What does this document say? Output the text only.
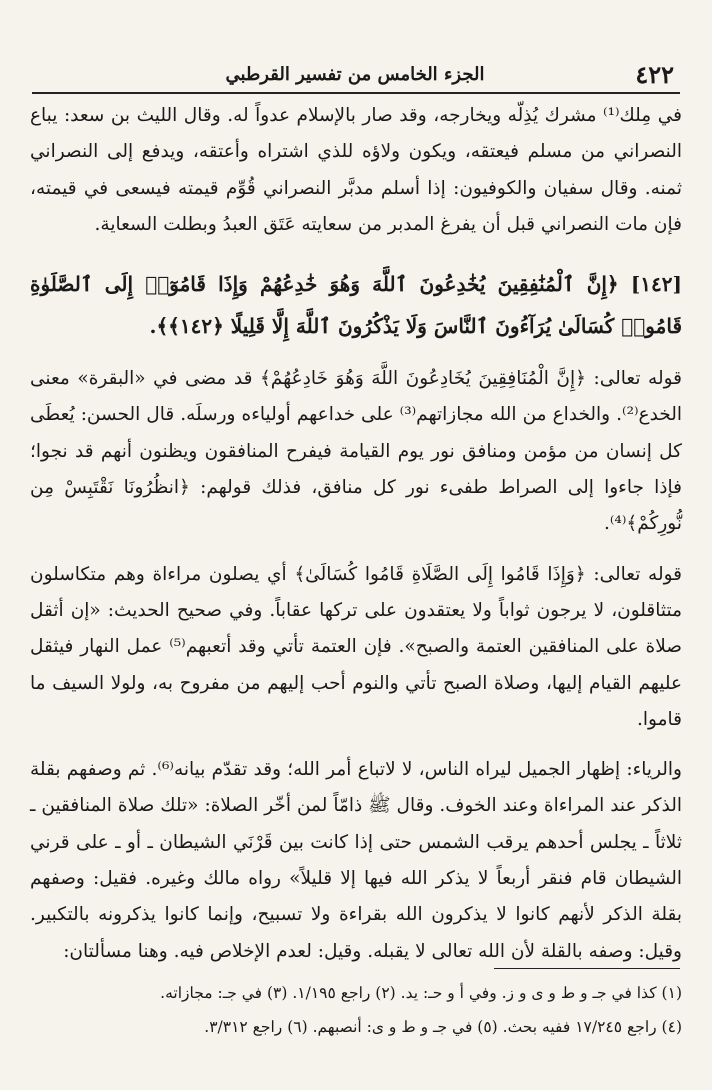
٤٢٢
الجزء الخامس من تفسير القرطبي

في مِلك⁽¹⁾ مشرك يُذِلّه ويخارجه، وقد صار بالإسلام عدواً له. وقال الليث بن سعد: يباع النصراني من مسلم فيعتقه، ويكون ولاؤه للذي اشتراه وأعتقه، ويدفع إلى النصراني ثمنه. وقال سفيان والكوفيون: إذا أسلم مدبَّر النصراني قُوِّم قيمته فيسعى في قيمته، فإن مات النصراني قبل أن يفرغ المدبر من سعايته عَتَق العبدُ وبطلت السعاية.

[١٤٢] ﴿إِنَّ ٱلْمُنَٰفِقِينَ يُخَٰدِعُونَ ٱللَّهَ وَهُوَ خَٰدِعُهُمْ وَإِذَا قَامُوٓا۟ إِلَى ٱلصَّلَوٰةِ قَامُوا۟ كُسَالَىٰ يُرَآءُونَ ٱلنَّاسَ وَلَا يَذْكُرُونَ ٱللَّهَ إِلَّا قَلِيلًا ﴿١٤٢﴾﴾.

قوله تعالى: ﴿إِنَّ الْمُنَافِقِينَ يُخَادِعُونَ اللَّهَ وَهُوَ خَادِعُهُمْ﴾ قد مضى في «البقرة» معنى الخدع⁽²⁾. والخداع من الله مجازاتهم⁽³⁾ على خداعهم أولياءه ورسلَه. قال الحسن: يُعطَى كل إنسان من مؤمن ومنافق نور يوم القيامة فيفرح المنافقون ويظنون أنهم قد نجوا؛ فإذا جاءوا إلى الصراط طفىء نور كل منافق، فذلك قولهم: ﴿انظُرُونَا نَقْتَبِسْ مِن نُّورِكُمْ﴾⁽⁴⁾.

قوله تعالى: ﴿وَإِذَا قَامُوا إِلَى الصَّلَاةِ قَامُوا كُسَالَىٰ﴾ أي يصلون مراءاة وهم متكاسلون متثاقلون، لا يرجون ثواباً ولا يعتقدون على تركها عقاباً. وفي صحيح الحديث: «إن أثقل صلاة على المنافقين العتمة والصبح». فإن العتمة تأتي وقد أتعبهم⁽⁵⁾ عمل النهار فيثقل عليهم القيام إليها، وصلاة الصبح تأتي والنوم أحب إليهم من مفروح به، ولولا السيف ما قاموا.

والرياء: إظهار الجميل ليراه الناس، لا لاتباع أمر الله؛ وقد تقدّم بيانه⁽⁶⁾. ثم وصفهم بقلة الذكر عند المراءاة وعند الخوف. وقال ﷺ ذامّاً لمن أخّر الصلاة: «تلك صلاة المنافقين ـ ثلاثاً ـ يجلس أحدهم يرقب الشمس حتى إذا كانت بين قَرْنَي الشيطان ـ أو ـ على قرني الشيطان قام فنقر أربعاً لا يذكر الله فيها إلا قليلاً» رواه مالك وغيره. فقيل: وصفهم بقلة الذكر لأنهم كانوا لا يذكرون الله بقراءة ولا تسبيح، وإنما كانوا يذكرونه بالتكبير. وقيل: وصفه بالقلة لأن الله تعالى لا يقبله. وقيل: لعدم الإخلاص فيه. وهنا مسألتان:

(١) كذا في جـ و ط و ى و ز. وفي أ و حـ: يد. (٢) راجع ١/١٩٥. (٣) في جـ: مجازاته.

(٤) راجع ١٧/٢٤٥ ففيه بحث. (٥) في جـ و ط و ى: أنصبهم. (٦) راجع ٣/٣١٢.
